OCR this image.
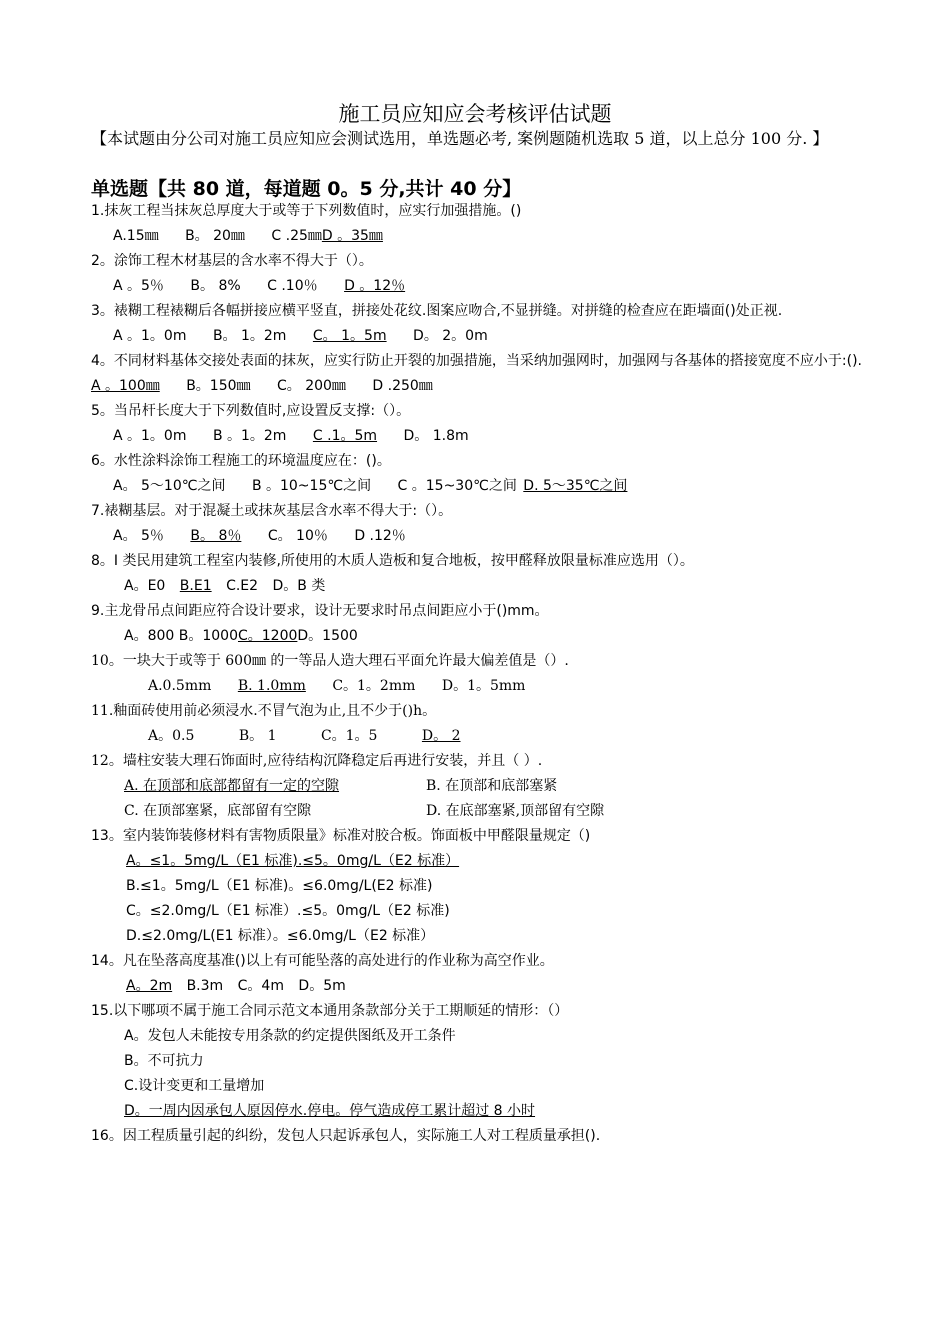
施工员应知应会考核评估试题
【本试题由分公司对施工员应知应会测试选用，单选题必考, 案例题随机选取 5 道，以上总分 100 分. 】
单选题【共 80 道，每道题 0。5 分,共计 40 分】
1.抹灰工程当抹灰总厚度大于或等于下列数值时，应实行加强措施。()
A.15㎜ B。 20㎜ C .25㎜D 。35㎜
2。涂饰工程木材基层的含水率不得大于（）。
A 。5％ B。 8% C .10％ D 。12％
3。裱糊工程裱糊后各幅拼接应横平竖直，拼接处花纹.图案应吻合,不显拼缝。对拼缝的检查应在距墙面()处正视.
A 。1。0m B。 1。2m C。 1。5m D。 2。0m
4。不同材料基体交接处表面的抹灰，应实行防止开裂的加强措施，当采纳加强网时，加强网与各基体的搭接宽度不应小于:().
A 。100㎜ B。150㎜ C。 200㎜ D .250㎜
5。当吊杆长度大于下列数值时,应设置反支撑:（）。
A 。1。0m B 。1。2m C .1。5m D。 1.8m
6。水性涂料涂饰工程施工的环境温度应在：()。
A。 5～10℃之间 B 。10~15℃之间 C 。15~30℃之间 D. 5～35℃之间
7.裱糊基层。对于混凝土或抹灰基层含水率不得大于:（）。
A。 5％ B。 8％ C。 10％ D .12％
8。I 类民用建筑工程室内装修,所使用的木质人造板和复合地板，按甲醛释放限量标准应选用（）。
A。E0 B.E1 C.E2 D。B 类
9.主龙骨吊点间距应符合设计要求，设计无要求时吊点间距应小于()mm。
A。800 B。1000C。1200D。1500
10。一块大于或等于 600㎜ 的一等品人造大理石平面允许最大偏差值是（）.
A.0.5mm B. 1.0mm C。1。2mm D。1。5mm
11.釉面砖使用前必须浸水.不冒气泡为止,且不少于()h。
A。0.5	B。 1	C。1。5	D。 2
12。墙柱安装大理石饰面时,应待结构沉降稳定后再进行安装，并且（ ）.
A. 在顶部和底部都留有一定的空隙	B. 在顶部和底部塞紧
C. 在顶部塞紧，底部留有空隙	D. 在底部塞紧,顶部留有空隙
13。室内装饰装修材料有害物质限量》标准对胶合板。饰面板中甲醛限量规定（)
A。≤1。5mg/L（E1 标准).≤5。0mg/L（E2 标准）
B.≤1。5mg/L（E1 标准)。≤6.0mg/L(E2 标准)
C。≤2.0mg/L（E1 标准）.≤5。0mg/L（E2 标准)
D.≤2.0mg/L(E1 标准）。≤6.0mg/L（E2 标准）
14。凡在坠落高度基准()以上有可能坠落的高处进行的作业称为高空作业。
A。2m B.3m C。4m D。5m
15.以下哪项不属于施工合同示范文本通用条款部分关于工期顺延的情形：（）
A。发包人未能按专用条款的约定提供图纸及开工条件
B。不可抗力
C.设计变更和工量增加
D。一周内因承包人原因停水.停电。停气造成停工累计超过 8 小时
16。因工程质量引起的纠纷，发包人只起诉承包人，实际施工人对工程质量承担().
